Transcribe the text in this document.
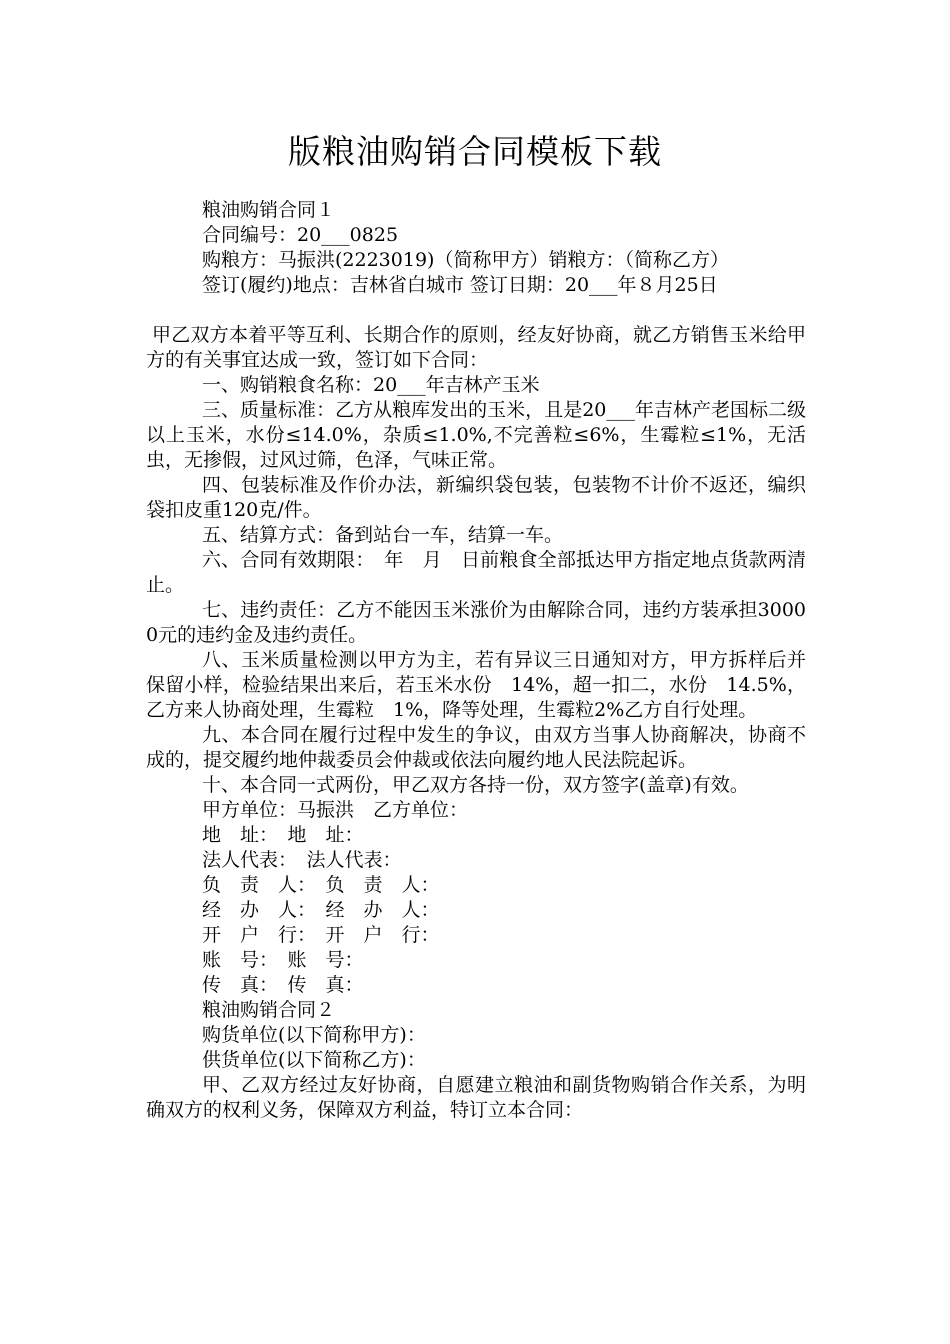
版粮油购销合同模板下载

粮油购销合同１

合同编号：20___0825

购粮方：马振洪(2223019)（简称甲方）销粮方：（简称乙方）

签订(履约)地点：吉林省白城市 签订日期：20___年８月25日

甲乙双方本着平等互利、长期合作的原则，经友好协商，就乙方销售玉米给甲方的有关事宜达成一致，签订如下合同：

一、购销粮食名称：20___年吉林产玉米

三、质量标准：乙方从粮库发出的玉米，且是20___年吉林产老国标二级以上玉米，水份≤14.0%，杂质≤1.0%,不完善粒≤6%，生霉粒≤1%，无活虫，无掺假，过风过筛，色泽，气味正常。

四、包装标准及作价办法，新编织袋包装，包装物不计价不返还，编织袋扣皮重120克/件。

五、结算方式：备到站台一车，结算一车。

六、合同有效期限：　年　月　日前粮食全部抵达甲方指定地点货款两清止。

七、违约责任：乙方不能因玉米涨价为由解除合同，违约方装承担30000元的违约金及违约责任。

八、玉米质量检测以甲方为主，若有异议三日通知对方，甲方拆样后并保留小样，检验结果出来后，若玉米水份　14%，超一扣二，水份　14.5%，乙方来人协商处理，生霉粒　1%，降等处理，生霉粒2%乙方自行处理。

九、本合同在履行过程中发生的争议，由双方当事人协商解决，协商不成的，提交履约地仲裁委员会仲裁或依法向履约地人民法院起诉。

十、本合同一式两份，甲乙双方各持一份，双方签字(盖章)有效。

甲方单位：马振洪　乙方单位：

地　址：　地　址：

法人代表：　法人代表：

负　责　人：　负　责　人：

经　办　人：　经　办　人：

开　户　行：　开　户　行：

账　号：　账　号：

传　真：　传　真：

粮油购销合同２

购货单位(以下简称甲方)：

供货单位(以下简称乙方)：

甲、乙双方经过友好协商，自愿建立粮油和副货物购销合作关系，为明确双方的权利义务，保障双方利益，特订立本合同：
